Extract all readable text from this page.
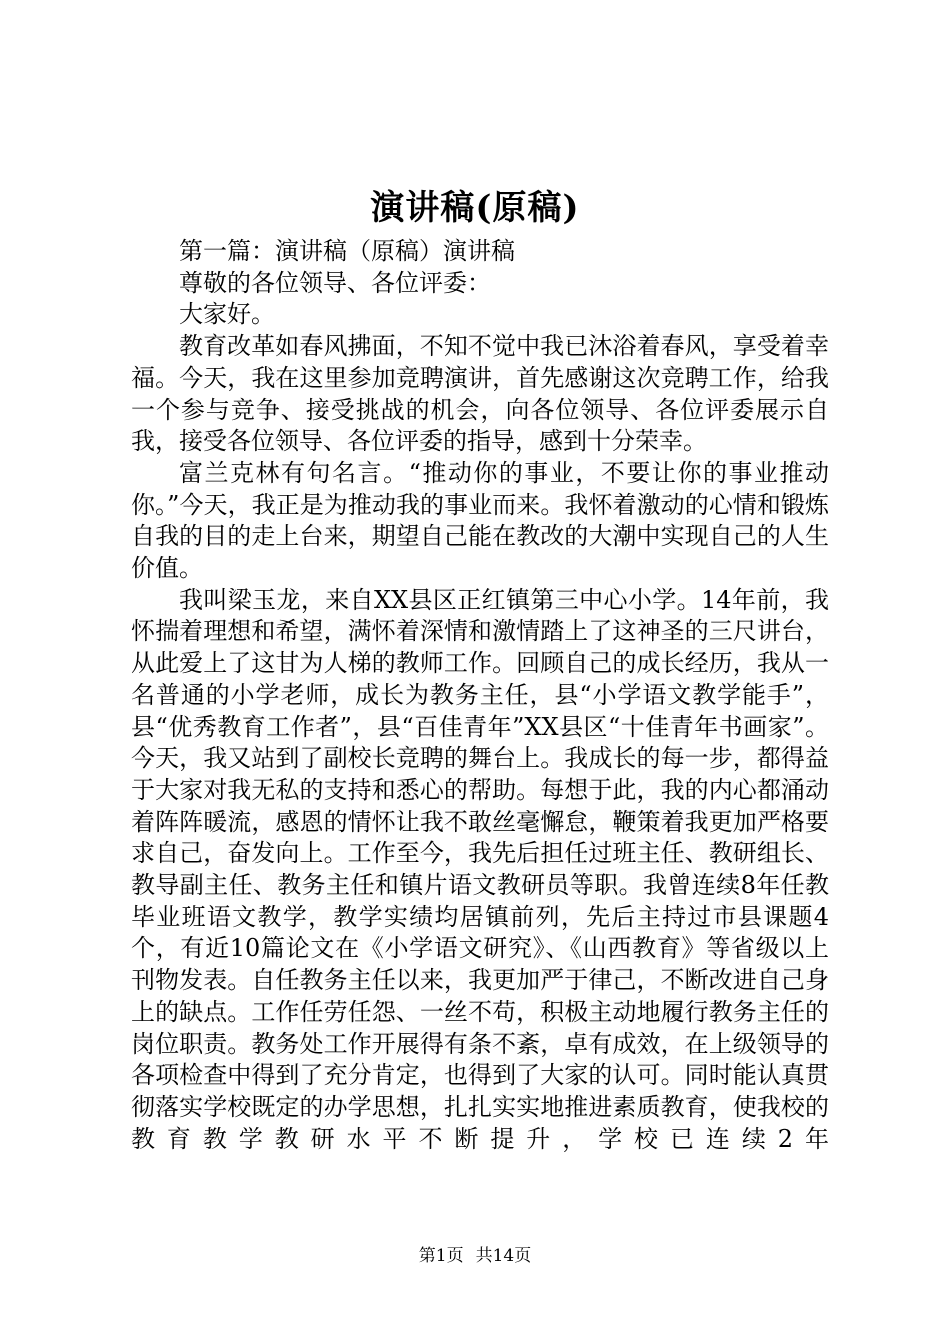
演讲稿(原稿)

第一篇：演讲稿（原稿）演讲稿

尊敬的各位领导、各位评委：

大家好。

教育改革如春风拂面，不知不觉中我已沐浴着春风，享受着幸福。今天，我在这里参加竞聘演讲，首先感谢这次竞聘工作，给我一个参与竞争、接受挑战的机会，向各位领导、各位评委展示自我，接受各位领导、各位评委的指导，感到十分荣幸。

富兰克林有句名言。“推动你的事业，不要让你的事业推动你。”今天，我正是为推动我的事业而来。我怀着激动的心情和锻炼自我的目的走上台来，期望自己能在教改的大潮中实现自己的人生价值。

我叫梁玉龙，来自XX县区正红镇第三中心小学。14年前，我怀揣着理想和希望，满怀着深情和激情踏上了这神圣的三尺讲台，从此爱上了这甘为人梯的教师工作。回顾自己的成长经历，我从一名普通的小学老师，成长为教务主任，县“小学语文教学能手”，县“优秀教育工作者”，县“百佳青年”XX县区“十佳青年书画家”。今天，我又站到了副校长竞聘的舞台上。我成长的每一步，都得益于大家对我无私的支持和悉心的帮助。每想于此，我的内心都涌动着阵阵暖流，感恩的情怀让我不敢丝毫懈怠，鞭策着我更加严格要求自己，奋发向上。工作至今，我先后担任过班主任、教研组长、教导副主任、教务主任和镇片语文教研员等职。我曾连续8年任教毕业班语文教学，教学实绩均居镇前列，先后主持过市县课题4个，有近10篇论文在《小学语文研究》、《山西教育》等省级以上刊物发表。自任教务主任以来，我更加严于律己，不断改进自己身上的缺点。工作任劳任怨、一丝不苟，积极主动地履行教务主任的岗位职责。教务处工作开展得有条不紊，卓有成效，在上级领导的各项检查中得到了充分肯定，也得到了大家的认可。同时能认真贯彻落实学校既定的办学思想，扎扎实实地推进素质教育，使我校的教育教学教研水平不断提升，学校已连续2年

第1页 共14页
